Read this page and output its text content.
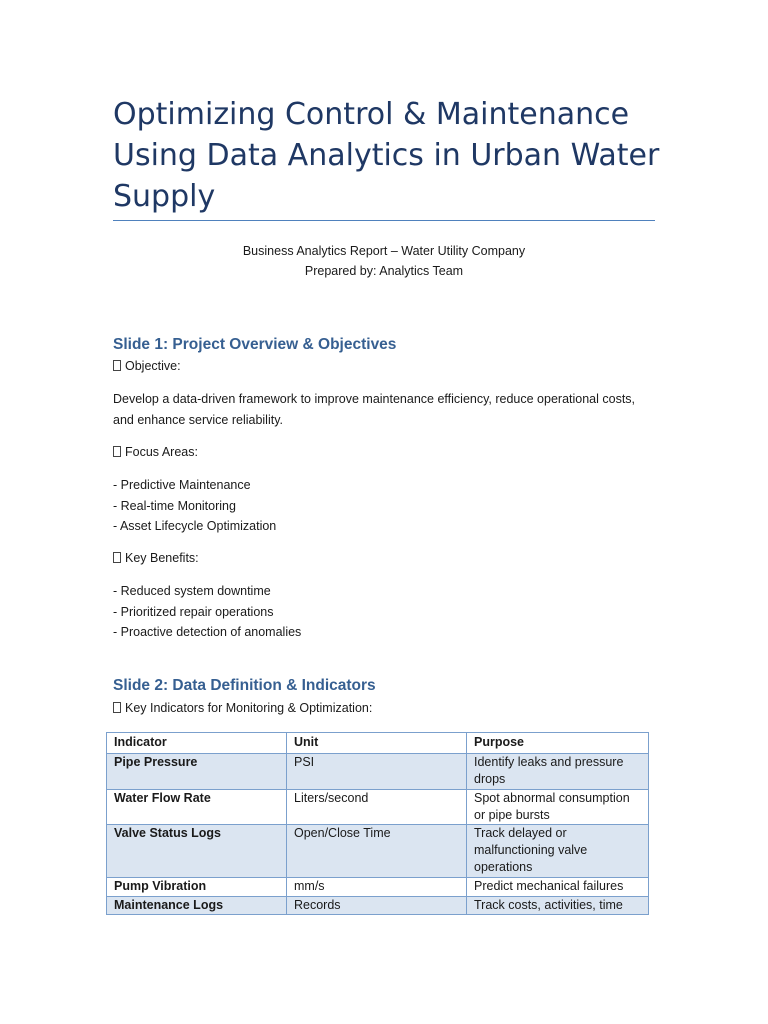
Optimizing Control & Maintenance Using Data Analytics in Urban Water Supply
Business Analytics Report – Water Utility Company
Prepared by: Analytics Team
Slide 1: Project Overview & Objectives
Objective:
Develop a data-driven framework to improve maintenance efficiency, reduce operational costs, and enhance service reliability.
Focus Areas:
- Predictive Maintenance
- Real-time Monitoring
- Asset Lifecycle Optimization
Key Benefits:
- Reduced system downtime
- Prioritized repair operations
- Proactive detection of anomalies
Slide 2: Data Definition & Indicators
Key Indicators for Monitoring & Optimization:
Indicator	Unit	Purpose
Pipe Pressure	PSI	Identify leaks and pressure drops
Water Flow Rate	Liters/second	Spot abnormal consumption or pipe bursts
Valve Status Logs	Open/Close Time	Track delayed or malfunctioning valve operations
Pump Vibration	mm/s	Predict mechanical failures
Maintenance Logs	Records	Track costs, activities, time
